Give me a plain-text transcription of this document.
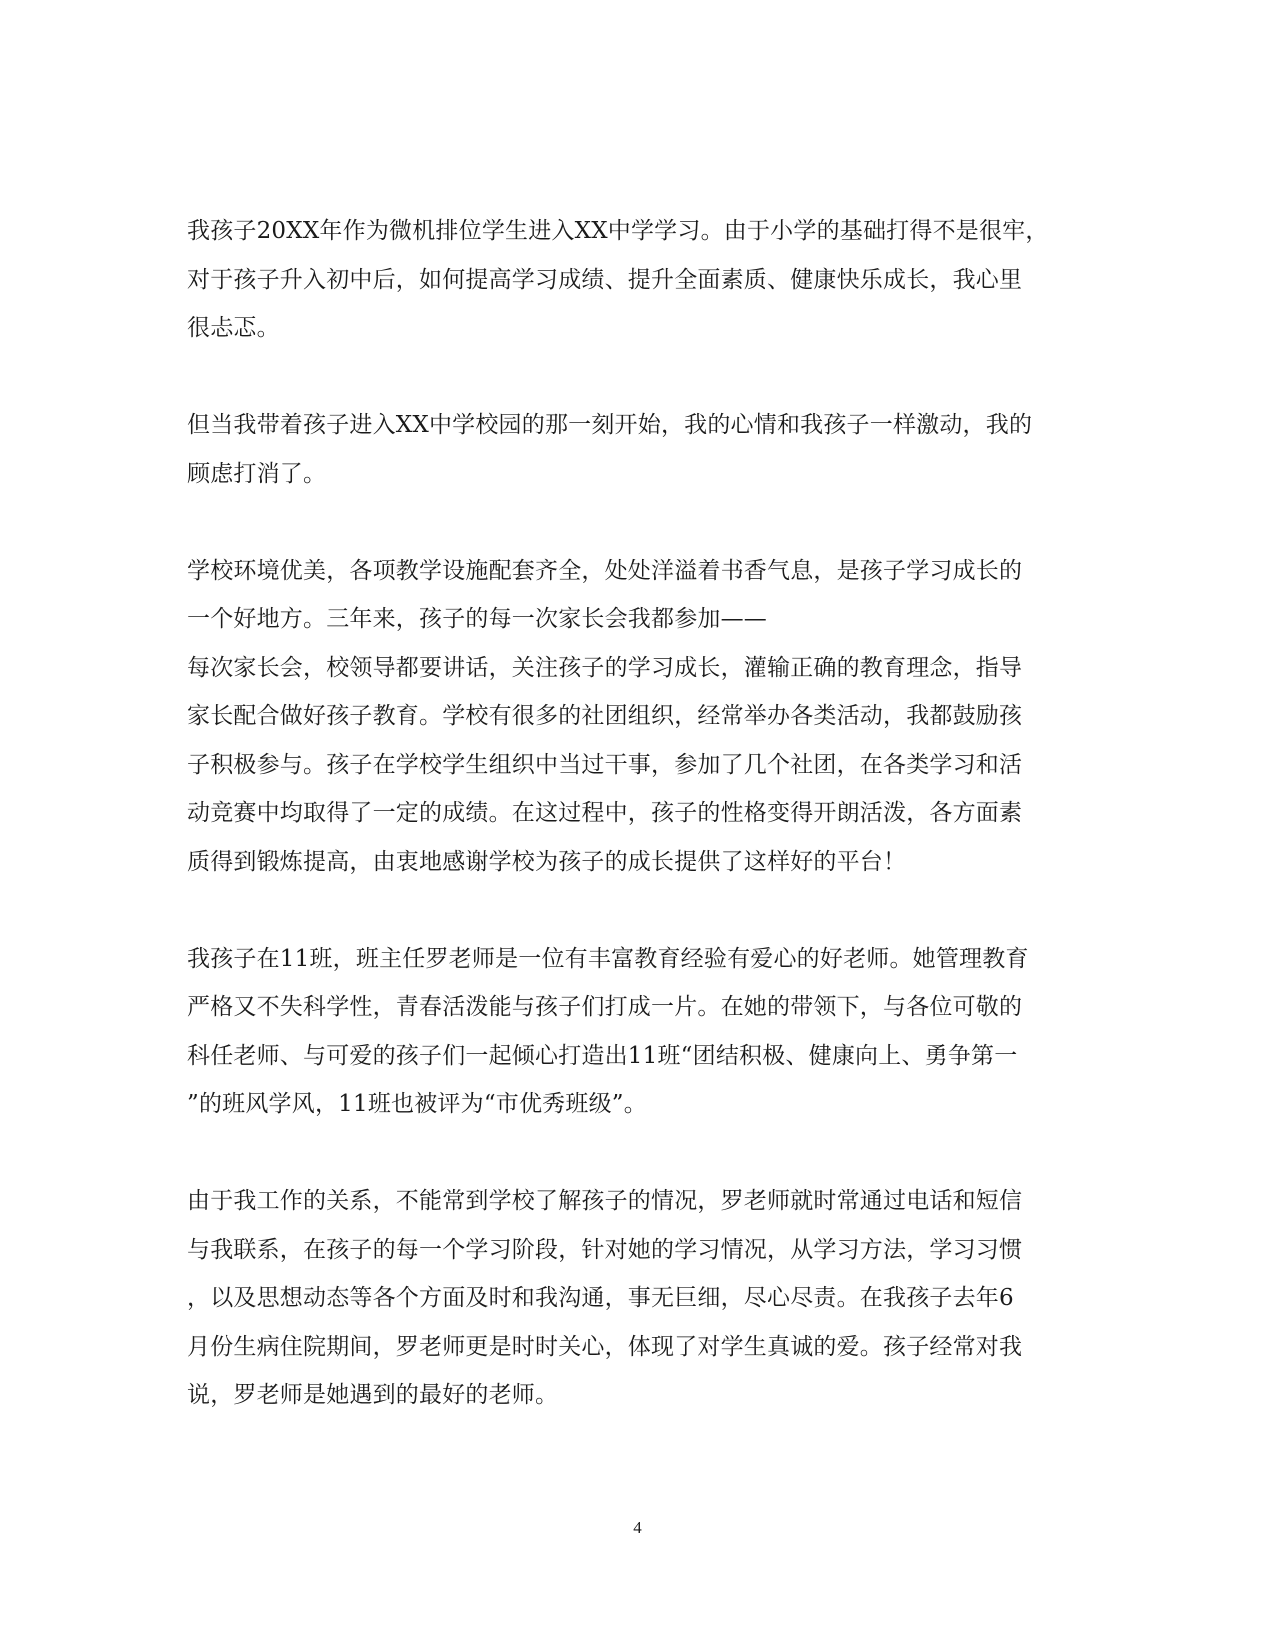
我孩子20XX年作为微机排位学生进入XX中学学习。由于小学的基础打得不是很牢，
对于孩子升入初中后，如何提高学习成绩、提升全面素质、健康快乐成长，我心里
很忐忑。
但当我带着孩子进入XX中学校园的那一刻开始，我的心情和我孩子一样激动，我的
顾虑打消了。
学校环境优美，各项教学设施配套齐全，处处洋溢着书香气息，是孩子学习成长的
一个好地方。三年来，孩子的每一次家长会我都参加——
每次家长会，校领导都要讲话，关注孩子的学习成长，灌输正确的教育理念，指导
家长配合做好孩子教育。学校有很多的社团组织，经常举办各类活动，我都鼓励孩
子积极参与。孩子在学校学生组织中当过干事，参加了几个社团，在各类学习和活
动竞赛中均取得了一定的成绩。在这过程中，孩子的性格变得开朗活泼，各方面素
质得到锻炼提高，由衷地感谢学校为孩子的成长提供了这样好的平台！
我孩子在11班，班主任罗老师是一位有丰富教育经验有爱心的好老师。她管理教育
严格又不失科学性，青春活泼能与孩子们打成一片。在她的带领下，与各位可敬的
科任老师、与可爱的孩子们一起倾心打造出11班“团结积极、健康向上、勇争第一
”的班风学风，11班也被评为“市优秀班级”。
由于我工作的关系，不能常到学校了解孩子的情况，罗老师就时常通过电话和短信
与我联系，在孩子的每一个学习阶段，针对她的学习情况，从学习方法，学习习惯
，以及思想动态等各个方面及时和我沟通，事无巨细，尽心尽责。在我孩子去年6
月份生病住院期间，罗老师更是时时关心，体现了对学生真诚的爱。孩子经常对我
说，罗老师是她遇到的最好的老师。
4
